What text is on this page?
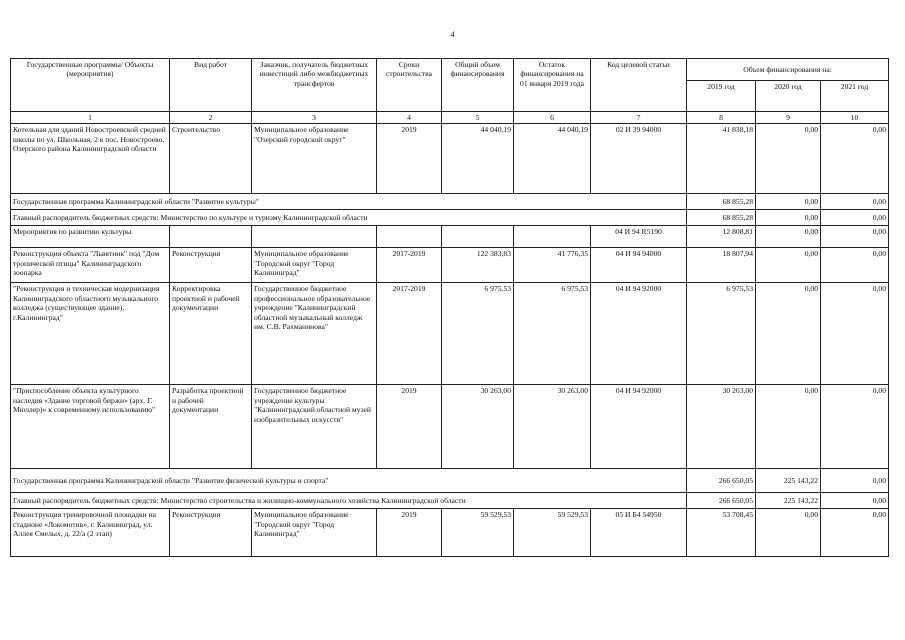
4
Государственные программы/ Объекты (мероприятия)	Вид работ	Заказчик, получатель бюджетных инвестиций либо межбюджетных трансфертов	Сроки строительства	Общий объем финансирования	Остаток финансирования на 01 января 2019 года	Код целевой статьи	Объем финансирования на:		
							2019 год	2020 год	2021 год
1	2	3	4	5	6	7	8	9	10
Котельная для зданий Новостроевской средней школы по ул. Школьная, 2 в пос. Новостроево, Озерского района Калининградской области	Строительство	Муниципальное образование "Озерский городской округ"	2019	44 040,19	44 040,19	02 И 39 94000	41 838,18	0,00	0,00
Государственная программа Калининградской области "Развитие культуры"							68 855,28	0,00	0,00
Главный распорядитель бюджетных средств: Министерство по культуре и туризму Калининградской области							68 855,28	0,00	0,00
Мероприятия по развитию культуры						04 И 94 R5190	12 808,81	0,00	0,00
Реконструкция объекта "Львятник" под "Дом тропической птицы" Калининградского зоопарка	Реконструкция	Муниципальное образование "Городской округ "Город Калининград"	2017-2019	122 383,83	41 776,35	04 И 94 94000	18 807,94	0,00	0,00
"Реконструкция и техническая модернизация Калининградского областного музыкального колледжа (существующее здание), г.Калининград"	Корректировка проектной и рабочей документации	Государственное бюджетное профессиональное образовательное учреждение "Калининградский областной музыкальный колледж им. С.В. Рахманинова"	2017-2019	6 975,53	6 975,53	04 И 94 92000	6 975,53	0,00	0,00
"Приспособление объекта культурного наследия «Здание торговой биржи» (арх. Г. Мюллер)» к современному использованию"	Разработка проектной и рабочей документации	Государственное бюджетное учреждение культуры "Калининградский областной музей изобразительных искусств"	2019	30 263,00	30 263,00	04 И 94 92000	30 263,00	0,00	0,00
Государственная программа Калининградской области "Развитие физической культуры и спорта"							266 650,05	225 143,22	0,00
Главный распорядитель бюджетных средств: Министерство строительства и жилищно-коммунального хозяйства Калининградской области							266 650,05	225 143,22	0,00
Реконструкция тренировочной площадки на стадионе «Локомотив», г. Калининград, ул. Аллея Смелых, д. 22/а (2 этап)	Реконструкция	Муниципальное образование "Городской округ "Город Калининград"	2019	59 529,53	59 529,53	05 И Б4 54950	53 708,45	0,00	0,00
